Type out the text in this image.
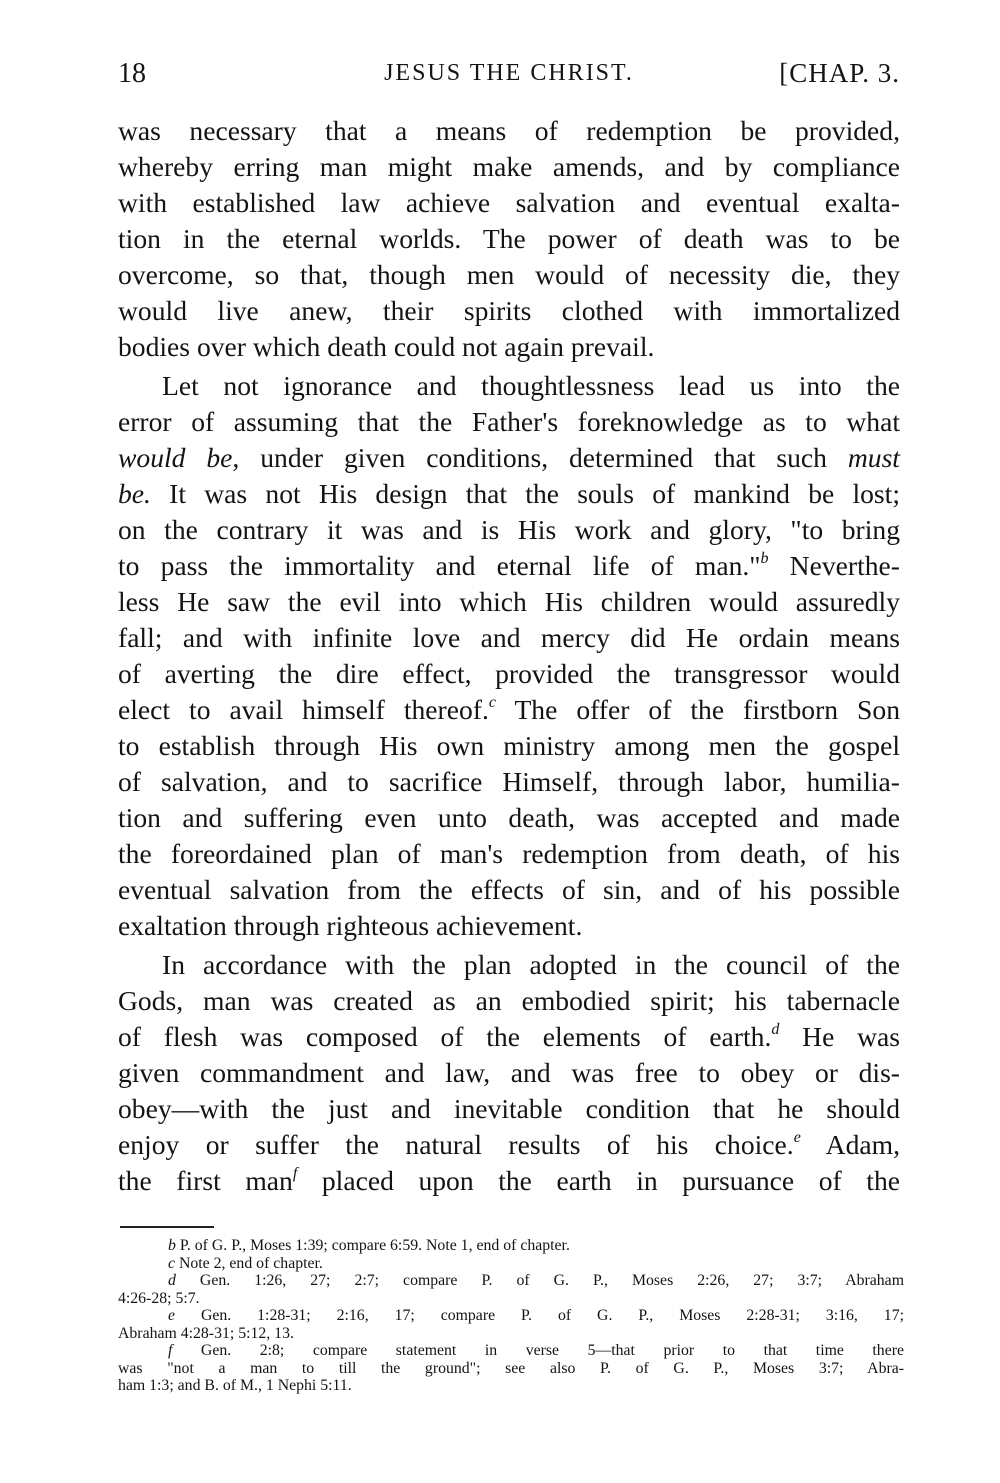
18	JESUS THE CHRIST.	[CHAP. 3.
was necessary that a means of redemption be provided,
whereby erring man might make amends, and by compliance
with established law achieve salvation and eventual exalta-
tion in the eternal worlds. The power of death was to be
overcome, so that, though men would of necessity die, they
would live anew, their spirits clothed with immortalized
bodies over which death could not again prevail.
Let not ignorance and thoughtlessness lead us into the
error of assuming that the Father's foreknowledge as to what
would be, under given conditions, determined that such must
be. It was not His design that the souls of mankind be lost;
on the contrary it was and is His work and glory, "to bring
to pass the immortality and eternal life of man."$^b$ Neverthe-
less He saw the evil into which His children would assuredly
fall; and with infinite love and mercy did He ordain means
of averting the dire effect, provided the transgressor would
elect to avail himself thereof.$^c$ The offer of the firstborn Son
to establish through His own ministry among men the gospel
of salvation, and to sacrifice Himself, through labor, humilia-
tion and suffering even unto death, was accepted and made
the foreordained plan of man's redemption from death, of his
eventual salvation from the effects of sin, and of his possible
exaltation through righteous achievement.
In accordance with the plan adopted in the council of the
Gods, man was created as an embodied spirit; his tabernacle
of flesh was composed of the elements of earth.$^d$ He was
given commandment and law, and was free to obey or dis-
obey—with the just and inevitable condition that he should
enjoy or suffer the natural results of his choice.$^e$ Adam,
the first man$^f$ placed upon the earth in pursuance of the
b P. of G. P., Moses 1:39; compare 6:59. Note 1, end of chapter.
c Note 2, end of chapter.
d Gen. 1:26, 27; 2:7; compare P. of G. P., Moses 2:26, 27; 3:7; Abraham
4:26-28; 5:7.
e Gen. 1:28-31; 2:16, 17; compare P. of G. P., Moses 2:28-31; 3:16, 17;
Abraham 4:28-31; 5:12, 13.
f Gen. 2:8; compare statement in verse 5—that prior to that time there
was "not a man to till the ground"; see also P. of G. P., Moses 3:7; Abra-
ham 1:3; and B. of M., 1 Nephi 5:11.
